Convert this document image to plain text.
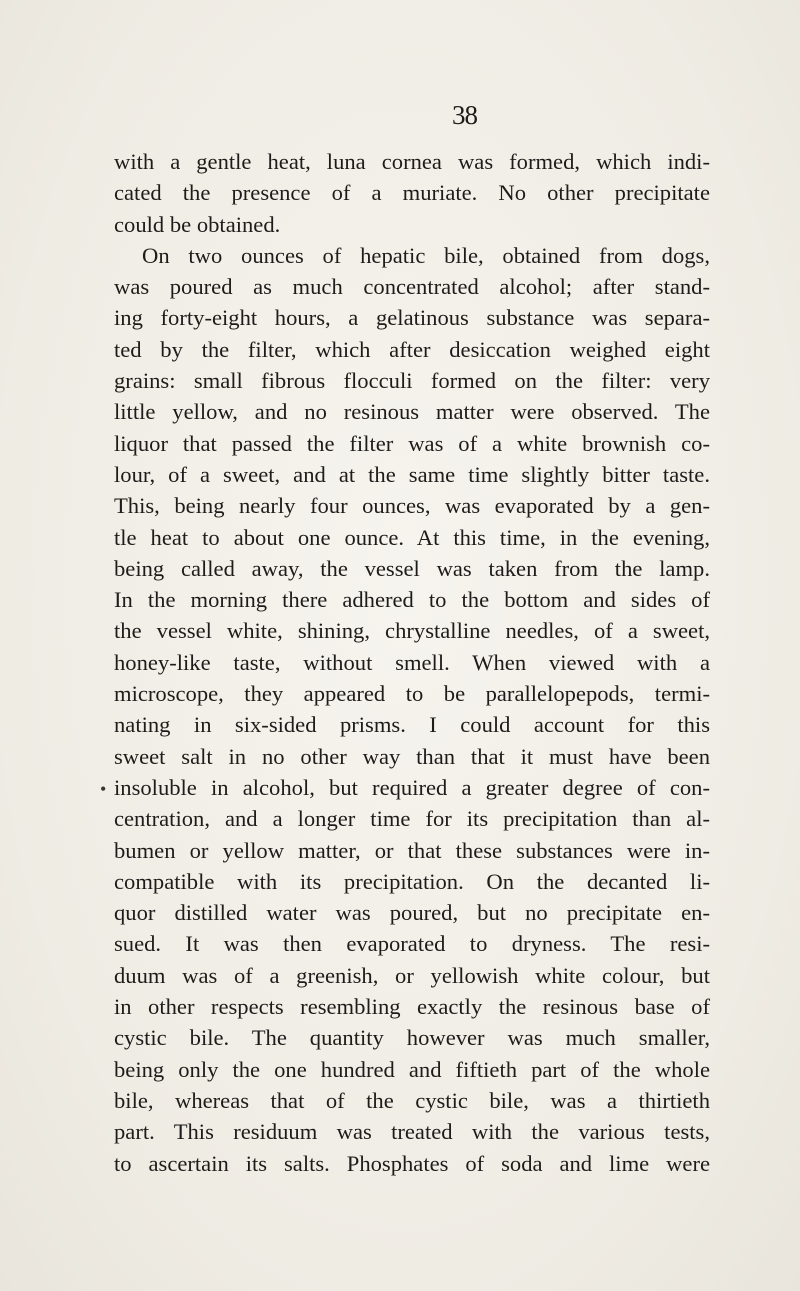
38
•
with a gentle heat, luna cornea was formed, which indi-
cated the presence of a muriate. No other precipitate
could be obtained.
On two ounces of hepatic bile, obtained from dogs,
was poured as much concentrated alcohol; after stand-
ing forty-eight hours, a gelatinous substance was separa-
ted by the filter, which after desiccation weighed eight
grains: small fibrous flocculi formed on the filter: very
little yellow, and no resinous matter were observed. The
liquor that passed the filter was of a white brownish co-
lour, of a sweet, and at the same time slightly bitter taste.
This, being nearly four ounces, was evaporated by a gen-
tle heat to about one ounce. At this time, in the evening,
being called away, the vessel was taken from the lamp.
In the morning there adhered to the bottom and sides of
the vessel white, shining, chrystalline needles, of a sweet,
honey-like taste, without smell. When viewed with a
microscope, they appeared to be parallelopepods, termi-
nating in six-sided prisms. I could account for this
sweet salt in no other way than that it must have been
insoluble in alcohol, but required a greater degree of con-
centration, and a longer time for its precipitation than al-
bumen or yellow matter, or that these substances were in-
compatible with its precipitation. On the decanted li-
quor distilled water was poured, but no precipitate en-
sued. It was then evaporated to dryness. The resi-
duum was of a greenish, or yellowish white colour, but
in other respects resembling exactly the resinous base of
cystic bile. The quantity however was much smaller,
being only the one hundred and fiftieth part of the whole
bile, whereas that of the cystic bile, was a thirtieth
part. This residuum was treated with the various tests,
to ascertain its salts. Phosphates of soda and lime were
